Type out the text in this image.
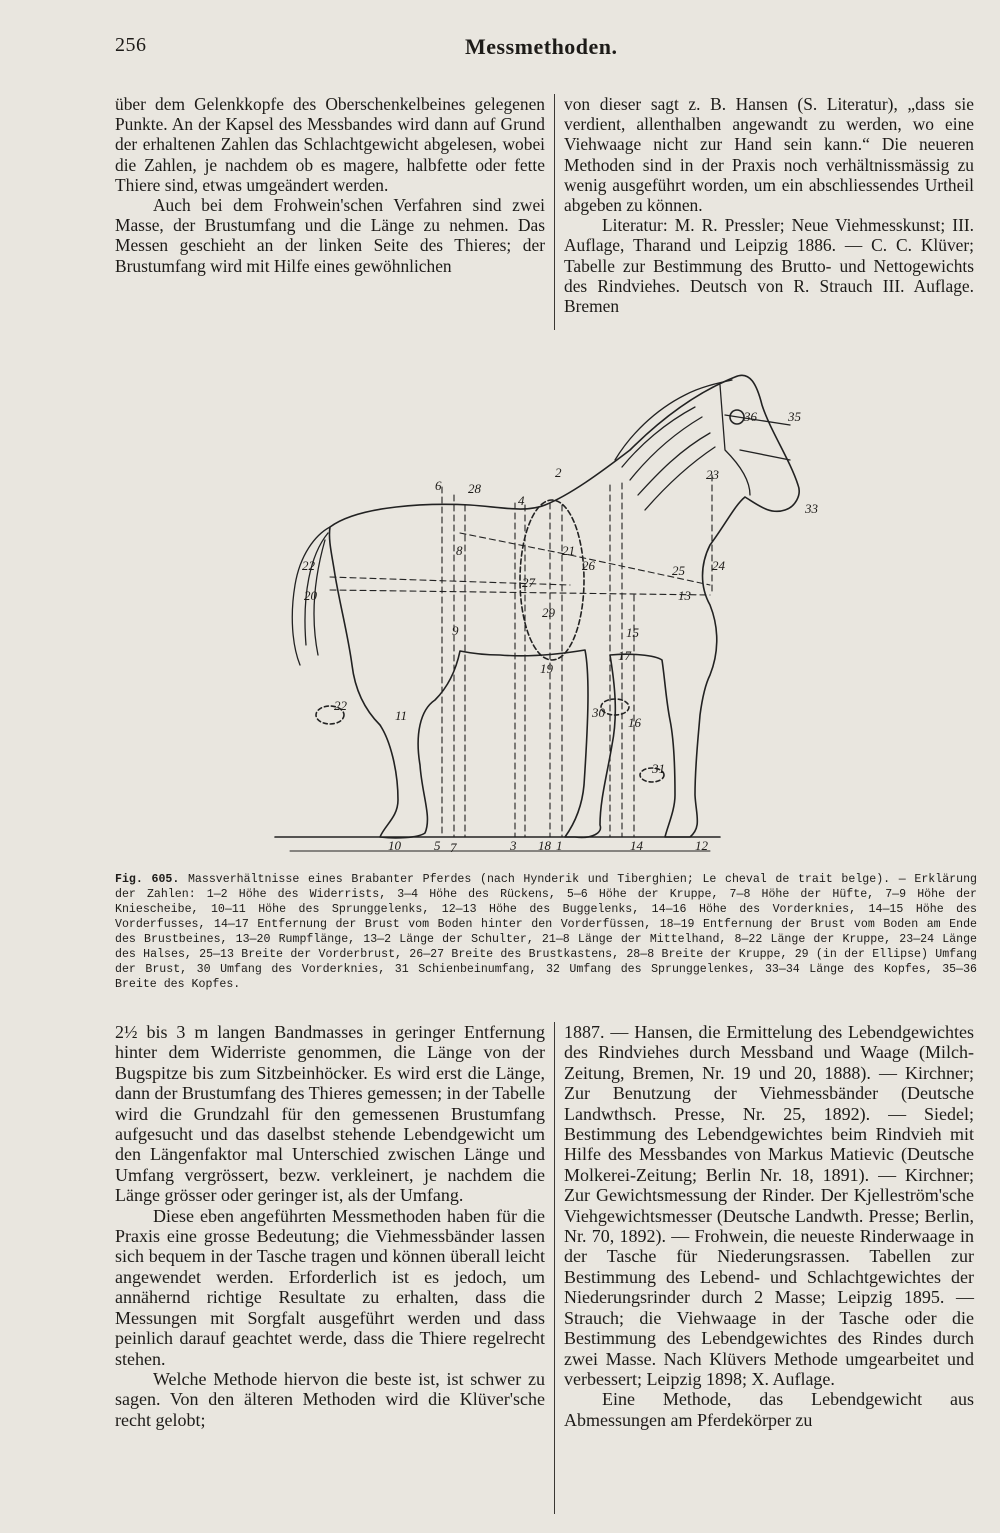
256	Messmethoden.

über dem Gelenkkopfe des Oberschenkelbeines gelegenen Punkte. An der Kapsel des Messbandes wird dann auf Grund der erhaltenen Zahlen das Schlachtgewicht abgelesen, wobei die Zahlen, je nachdem ob es magere, halbfette oder fette Thiere sind, etwas umgeändert werden.

Auch bei dem Frohwein'schen Verfahren sind zwei Masse, der Brustumfang und die Länge zu nehmen. Das Messen geschieht an der linken Seite des Thieres; der Brustumfang wird mit Hilfe eines gewöhnlichen

von dieser sagt z. B. Hansen (S. Literatur), „dass sie verdient, allenthalben angewandt zu werden, wo eine Viehwaage nicht zur Hand sein kann.“ Die neueren Methoden sind in der Praxis noch verhältnissmässig zu wenig ausgeführt worden, um ein abschliessendes Urtheil abgeben zu können.

Literatur: M. R. Pressler; Neue Viehmesskunst; III. Auflage, Tharand und Leipzig 1886. — C. C. Klüver; Tabelle zur Bestimmung des Brutto- und Nettogewichts des Rindviehes. Deutsch von R. Strauch III. Auflage. Bremen

2
6 28
4
8	21
22	26
20
27
25 24
13
29
15
9
17
19
22
11	30
16
31
10	5 7	3 18 1	14	12
23
36 35
33
Fig. 605. Massverhältnisse eines Brabanter Pferdes (nach Hynderik und Tiberghien; Le cheval de trait belge). — Erklärung der Zahlen: 1—2 Höhe des Widerrists, 3—4 Höhe des Rückens, 5—6 Höhe der Kruppe, 7—8 Höhe der Hüfte, 7—9 Höhe der Kniescheibe, 10—11 Höhe des Sprunggelenks, 12—13 Höhe des Buggelenks, 14—16 Höhe des Vorderknies, 14—15 Höhe des Vorderfusses, 14—17 Entfernung der Brust vom Boden hinter den Vorderfüssen, 18—19 Entfernung der Brust vom Boden am Ende des Brustbeines, 13—20 Rumpflänge, 13—2 Länge der Schulter, 21—8 Länge der Mittelhand, 8—22 Länge der Kruppe, 23—24 Länge des Halses, 25—13 Breite der Vorderbrust, 26—27 Breite des Brustkastens, 28—8 Breite der Kruppe, 29 (in der Ellipse) Umfang der Brust, 30 Umfang des Vorderknies, 31 Schienbeinumfang, 32 Umfang des Sprunggelenkes, 33—34 Länge des Kopfes, 35—36 Breite des Kopfes.

2½ bis 3 m langen Bandmasses in geringer Entfernung hinter dem Widerriste genommen, die Länge von der Bugspitze bis zum Sitzbeinhöcker. Es wird erst die Länge, dann der Brustumfang des Thieres gemessen; in der Tabelle wird die Grundzahl für den gemessenen Brustumfang aufgesucht und das daselbst stehende Lebendgewicht um den Längenfaktor mal Unterschied zwischen Länge und Umfang vergrössert, bezw. verkleinert, je nachdem die Länge grösser oder geringer ist, als der Umfang.

Diese eben angeführten Messmethoden haben für die Praxis eine grosse Bedeutung; die Viehmessbänder lassen sich bequem in der Tasche tragen und können überall leicht angewendet werden. Erforderlich ist es jedoch, um annähernd richtige Resultate zu erhalten, dass die Messungen mit Sorgfalt ausgeführt werden und dass peinlich darauf geachtet werde, dass die Thiere regelrecht stehen.

Welche Methode hiervon die beste ist, ist schwer zu sagen. Von den älteren Methoden wird die Klüver'sche recht gelobt;

1887. — Hansen, die Ermittelung des Lebendgewichtes des Rindviehes durch Messband und Waage (Milch-Zeitung, Bremen, Nr. 19 und 20, 1888). — Kirchner; Zur Benutzung der Viehmessbänder (Deutsche Landwthsch. Presse, Nr. 25, 1892). — Siedel; Bestimmung des Lebendgewichtes beim Rindvieh mit Hilfe des Messbandes von Markus Matievic (Deutsche Molkerei-Zeitung; Berlin Nr. 18, 1891). — Kirchner; Zur Gewichtsmessung der Rinder. Der Kjelleström'sche Viehgewichtsmesser (Deutsche Landwth. Presse; Berlin, Nr. 70, 1892). — Frohwein, die neueste Rinderwaage in der Tasche für Niederungsrassen. Tabellen zur Bestimmung des Lebend- und Schlachtgewichtes der Niederungsrinder durch 2 Masse; Leipzig 1895. — Strauch; die Viehwaage in der Tasche oder die Bestimmung des Lebendgewichtes des Rindes durch zwei Masse. Nach Klüvers Methode umgearbeitet und verbessert; Leipzig 1898; X. Auflage.

Eine Methode, das Lebendgewicht aus Abmessungen am Pferdekörper zu
